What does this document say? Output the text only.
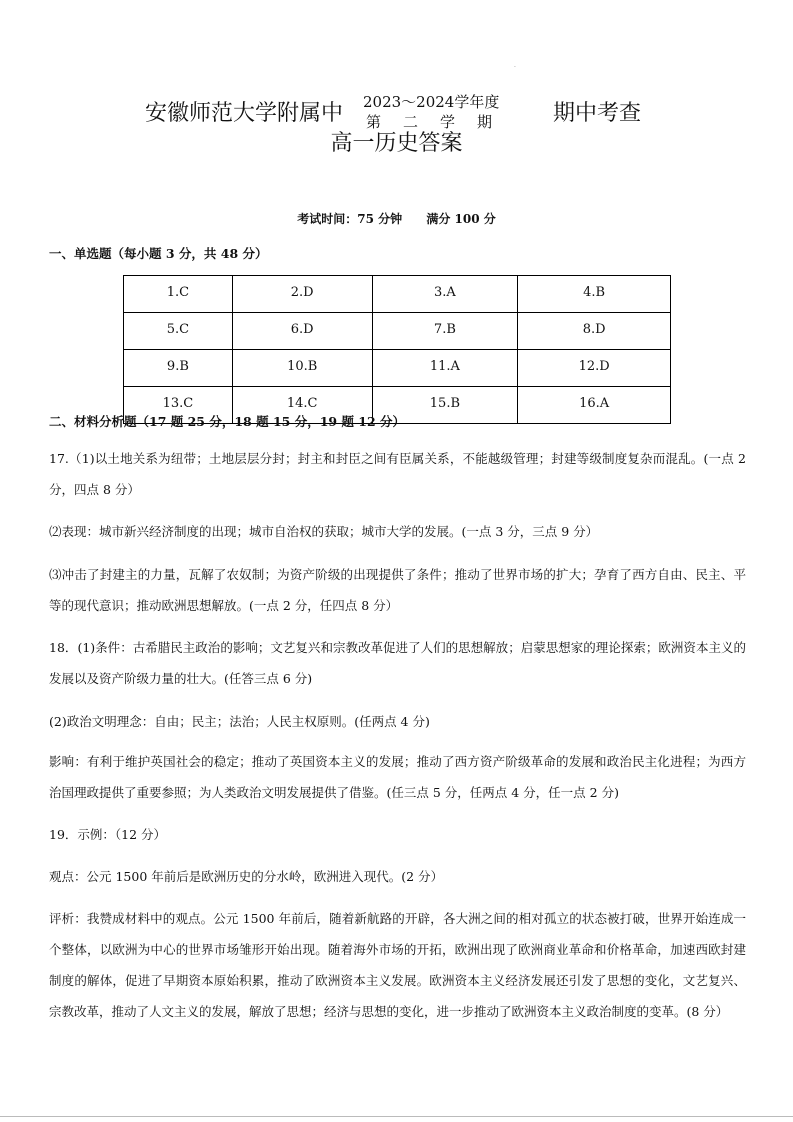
·
安徽师范大学附属中 2023～2024学年度
第二学期 期中考查
高一历史答案
考试时间：75 分钟 满分 100 分
一、单选题（每小题 3 分，共 48 分）
1.C	2.D	3.A	4.B
5.C	6.D	7.B	8.D
9.B	10.B	11.A	12.D
13.C	14.C	15.B	16.A
二、材料分析题（17 题 25 分，18 题 15 分，19 题 12 分）
17.（1)以土地关系为纽带；土地层层分封；封主和封臣之间有臣属关系，不能越级管理；封建等级制度复杂而混乱。(一点 2 分，四点 8 分）
⑵表现：城市新兴经济制度的出现；城市自治权的获取；城市大学的发展。(一点 3 分，三点 9 分）
⑶冲击了封建主的力量，瓦解了农奴制；为资产阶级的出现提供了条件；推动了世界市场的扩大；孕育了西方自由、民主、平等的现代意识；推动欧洲思想解放。(一点 2 分，任四点 8 分）
18．(1)条件：古希腊民主政治的影响；文艺复兴和宗教改革促进了人们的思想解放；启蒙思想家的理论探索；欧洲资本主义的发展以及资产阶级力量的壮大。(任答三点 6 分)
(2)政治文明理念：自由；民主；法治；人民主权原则。(任两点 4 分)
影响：有利于维护英国社会的稳定；推动了英国资本主义的发展；推动了西方资产阶级革命的发展和政治民主化进程；为西方治国理政提供了重要参照；为人类政治文明发展提供了借鉴。(任三点 5 分，任两点 4 分，任一点 2 分)
19．示例：（12 分）
观点：公元 1500 年前后是欧洲历史的分水岭，欧洲进入现代。(2 分）
评析：我赞成材料中的观点。公元 1500 年前后，随着新航路的开辟，各大洲之间的相对孤立的状态被打破，世界开始连成一个整体，以欧洲为中心的世界市场雏形开始出现。随着海外市场的开拓，欧洲出现了欧洲商业革命和价格革命，加速西欧封建制度的解体，促进了早期资本原始积累，推动了欧洲资本主义发展。欧洲资本主义经济发展还引发了思想的变化，文艺复兴、宗教改革，推动了人文主义的发展，解放了思想；经济与思想的变化，进一步推动了欧洲资本主义政治制度的变革。(8 分）
